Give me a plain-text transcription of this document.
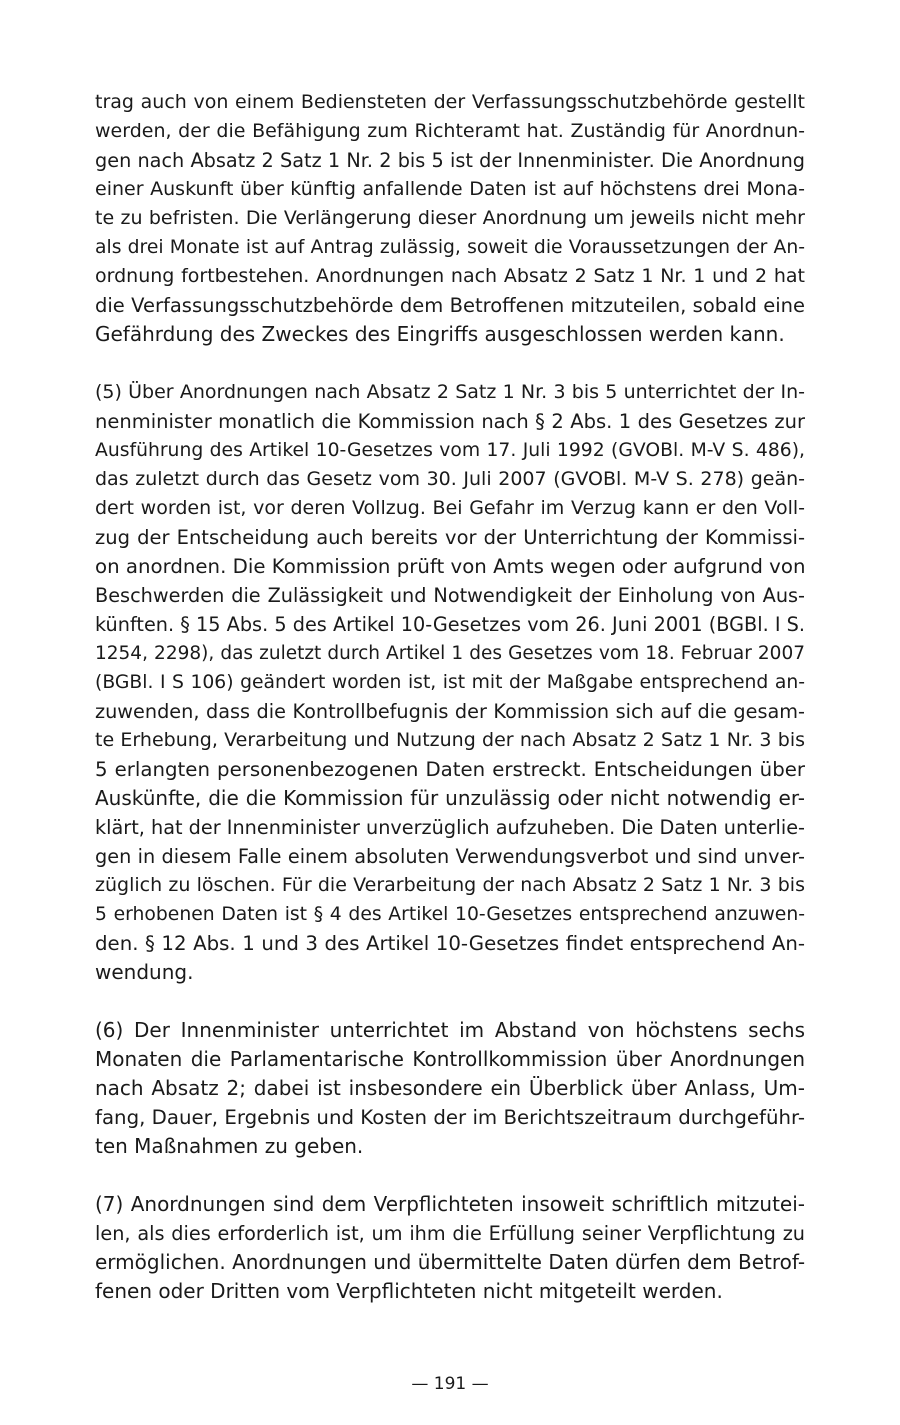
trag auch von einem Bediensteten der Verfassungsschutzbehörde gestellt
werden, der die Befähigung zum Richteramt hat. Zuständig für Anordnun-
gen nach Absatz 2 Satz 1 Nr. 2 bis 5 ist der Innenminister. Die Anordnung
einer Auskunft über künftig anfallende Daten ist auf höchstens drei Mona-
te zu befristen. Die Verlängerung dieser Anordnung um jeweils nicht mehr
als drei Monate ist auf Antrag zulässig, soweit die Voraussetzungen der An-
ordnung fortbestehen. Anordnungen nach Absatz 2 Satz 1 Nr. 1 und 2 hat
die Verfassungsschutzbehörde dem Betroffenen mitzuteilen, sobald eine
Gefährdung des Zweckes des Eingriffs ausgeschlossen werden kann.
(5) Über Anordnungen nach Absatz 2 Satz 1 Nr. 3 bis 5 unterrichtet der In-
nenminister monatlich die Kommission nach § 2 Abs. 1 des Gesetzes zur
Ausführung des Artikel 10-Gesetzes vom 17. Juli 1992 (GVOBl. M-V S. 486),
das zuletzt durch das Gesetz vom 30. Juli 2007 (GVOBl. M-V S. 278) geän-
dert worden ist, vor deren Vollzug. Bei Gefahr im Verzug kann er den Voll-
zug der Entscheidung auch bereits vor der Unterrichtung der Kommissi-
on anordnen. Die Kommission prüft von Amts wegen oder aufgrund von
Beschwerden die Zulässigkeit und Notwendigkeit der Einholung von Aus-
künften. § 15 Abs. 5 des Artikel 10-Gesetzes vom 26. Juni 2001 (BGBl. I S.
1254, 2298), das zuletzt durch Artikel 1 des Gesetzes vom 18. Februar 2007
(BGBl. I S 106) geändert worden ist, ist mit der Maßgabe entsprechend an-
zuwenden, dass die Kontrollbefugnis der Kommission sich auf die gesam-
te Erhebung, Verarbeitung und Nutzung der nach Absatz 2 Satz 1 Nr. 3 bis
5 erlangten personenbezogenen Daten erstreckt. Entscheidungen über
Auskünfte, die die Kommission für unzulässig oder nicht notwendig er-
klärt, hat der Innenminister unverzüglich aufzuheben. Die Daten unterlie-
gen in diesem Falle einem absoluten Verwendungsverbot und sind unver-
züglich zu löschen. Für die Verarbeitung der nach Absatz 2 Satz 1 Nr. 3 bis
5 erhobenen Daten ist § 4 des Artikel 10-Gesetzes entsprechend anzuwen-
den. § 12 Abs. 1 und 3 des Artikel 10-Gesetzes findet entsprechend An-
wendung.
(6) Der Innenminister unterrichtet im Abstand von höchstens sechs
Monaten die Parlamentarische Kontrollkommission über Anordnungen
nach Absatz 2; dabei ist insbesondere ein Überblick über Anlass, Um-
fang, Dauer, Ergebnis und Kosten der im Berichtszeitraum durchgeführ-
ten Maßnahmen zu geben.
(7) Anordnungen sind dem Verpflichteten insoweit schriftlich mitzutei-
len, als dies erforderlich ist, um ihm die Erfüllung seiner Verpflichtung zu
ermöglichen. Anordnungen und übermittelte Daten dürfen dem Betrof-
fenen oder Dritten vom Verpflichteten nicht mitgeteilt werden.
— 191 —
